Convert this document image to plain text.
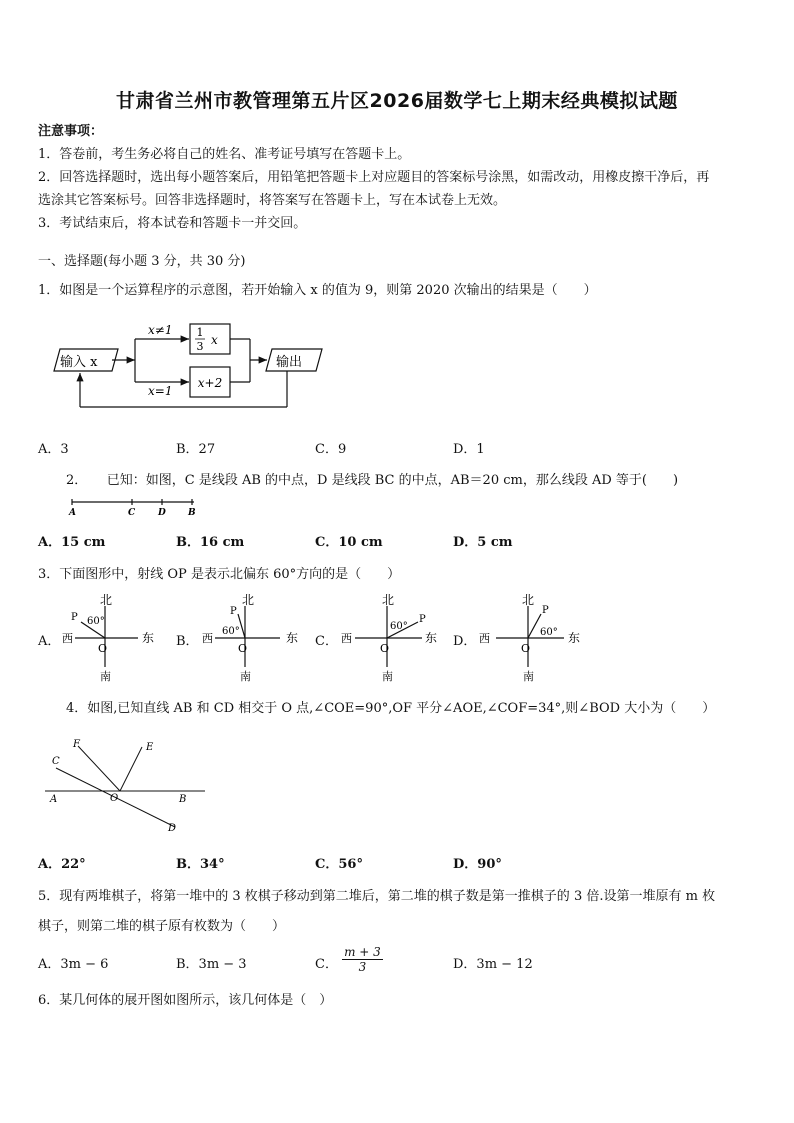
甘肃省兰州市教管理第五片区2026届数学七上期末经典模拟试题
注意事项：
1．答卷前，考生务必将自己的姓名、准考证号填写在答题卡上。
2．回答选择题时，选出每小题答案后，用铅笔把答题卡上对应题目的答案标号涂黑，如需改动，用橡皮擦干净后，再
选涂其它答案标号。回答非选择题时，将答案写在答题卡上，写在本试卷上无效。
3．考试结束后，将本试卷和答题卡一并交回。
一、选择题(每小题 3 分，共 30 分)
1．如图是一个运算程序的示意图，若开始输入 x 的值为 9，则第 2020 次输出的结果是（　　）
输入 x
x≠1
x=1
1
3 x
x+2
输出
A．3	B．27	C．9	D．1
2．　　已知：如图，C 是线段 AB 的中点，D 是线段 BC 的中点，AB＝20 cm，那么线段 AD 等于(　　)
A	C	D B
A．15 cm	B．16 cm	C．10 cm	D．5 cm
3．下面图形中，射线 OP 是表示北偏东 60°方向的是（　　）
A．	B．	C．	D．
北
南
西	东
O
P 60°
北
南
西	东
O
P
60°
北
南
西	东
O
P
60°
北
南
西	东
O
P
60°
4．如图,已知直线 AB 和 CD 相交于 O 点,∠COE=90°,OF 平分∠AOE,∠COF=34°,则∠BOD 大小为（　　）
F	E
C
A	O	B
D
A．22°	B．34°	C．56°	D．90°
5．现有两堆棋子，将第一堆中的 3 枚棋子移动到第二堆后，第二堆的棋子数是第一推棋子的 3 倍.设第一堆原有 m 枚
棋子，则第二堆的棋子原有枚数为（　　）
A．3m − 6	B．3m − 3	C． $\frac{m + 3}{3}$	D．3m − 12
6．某几何体的展开图如图所示，该几何体是（　）
